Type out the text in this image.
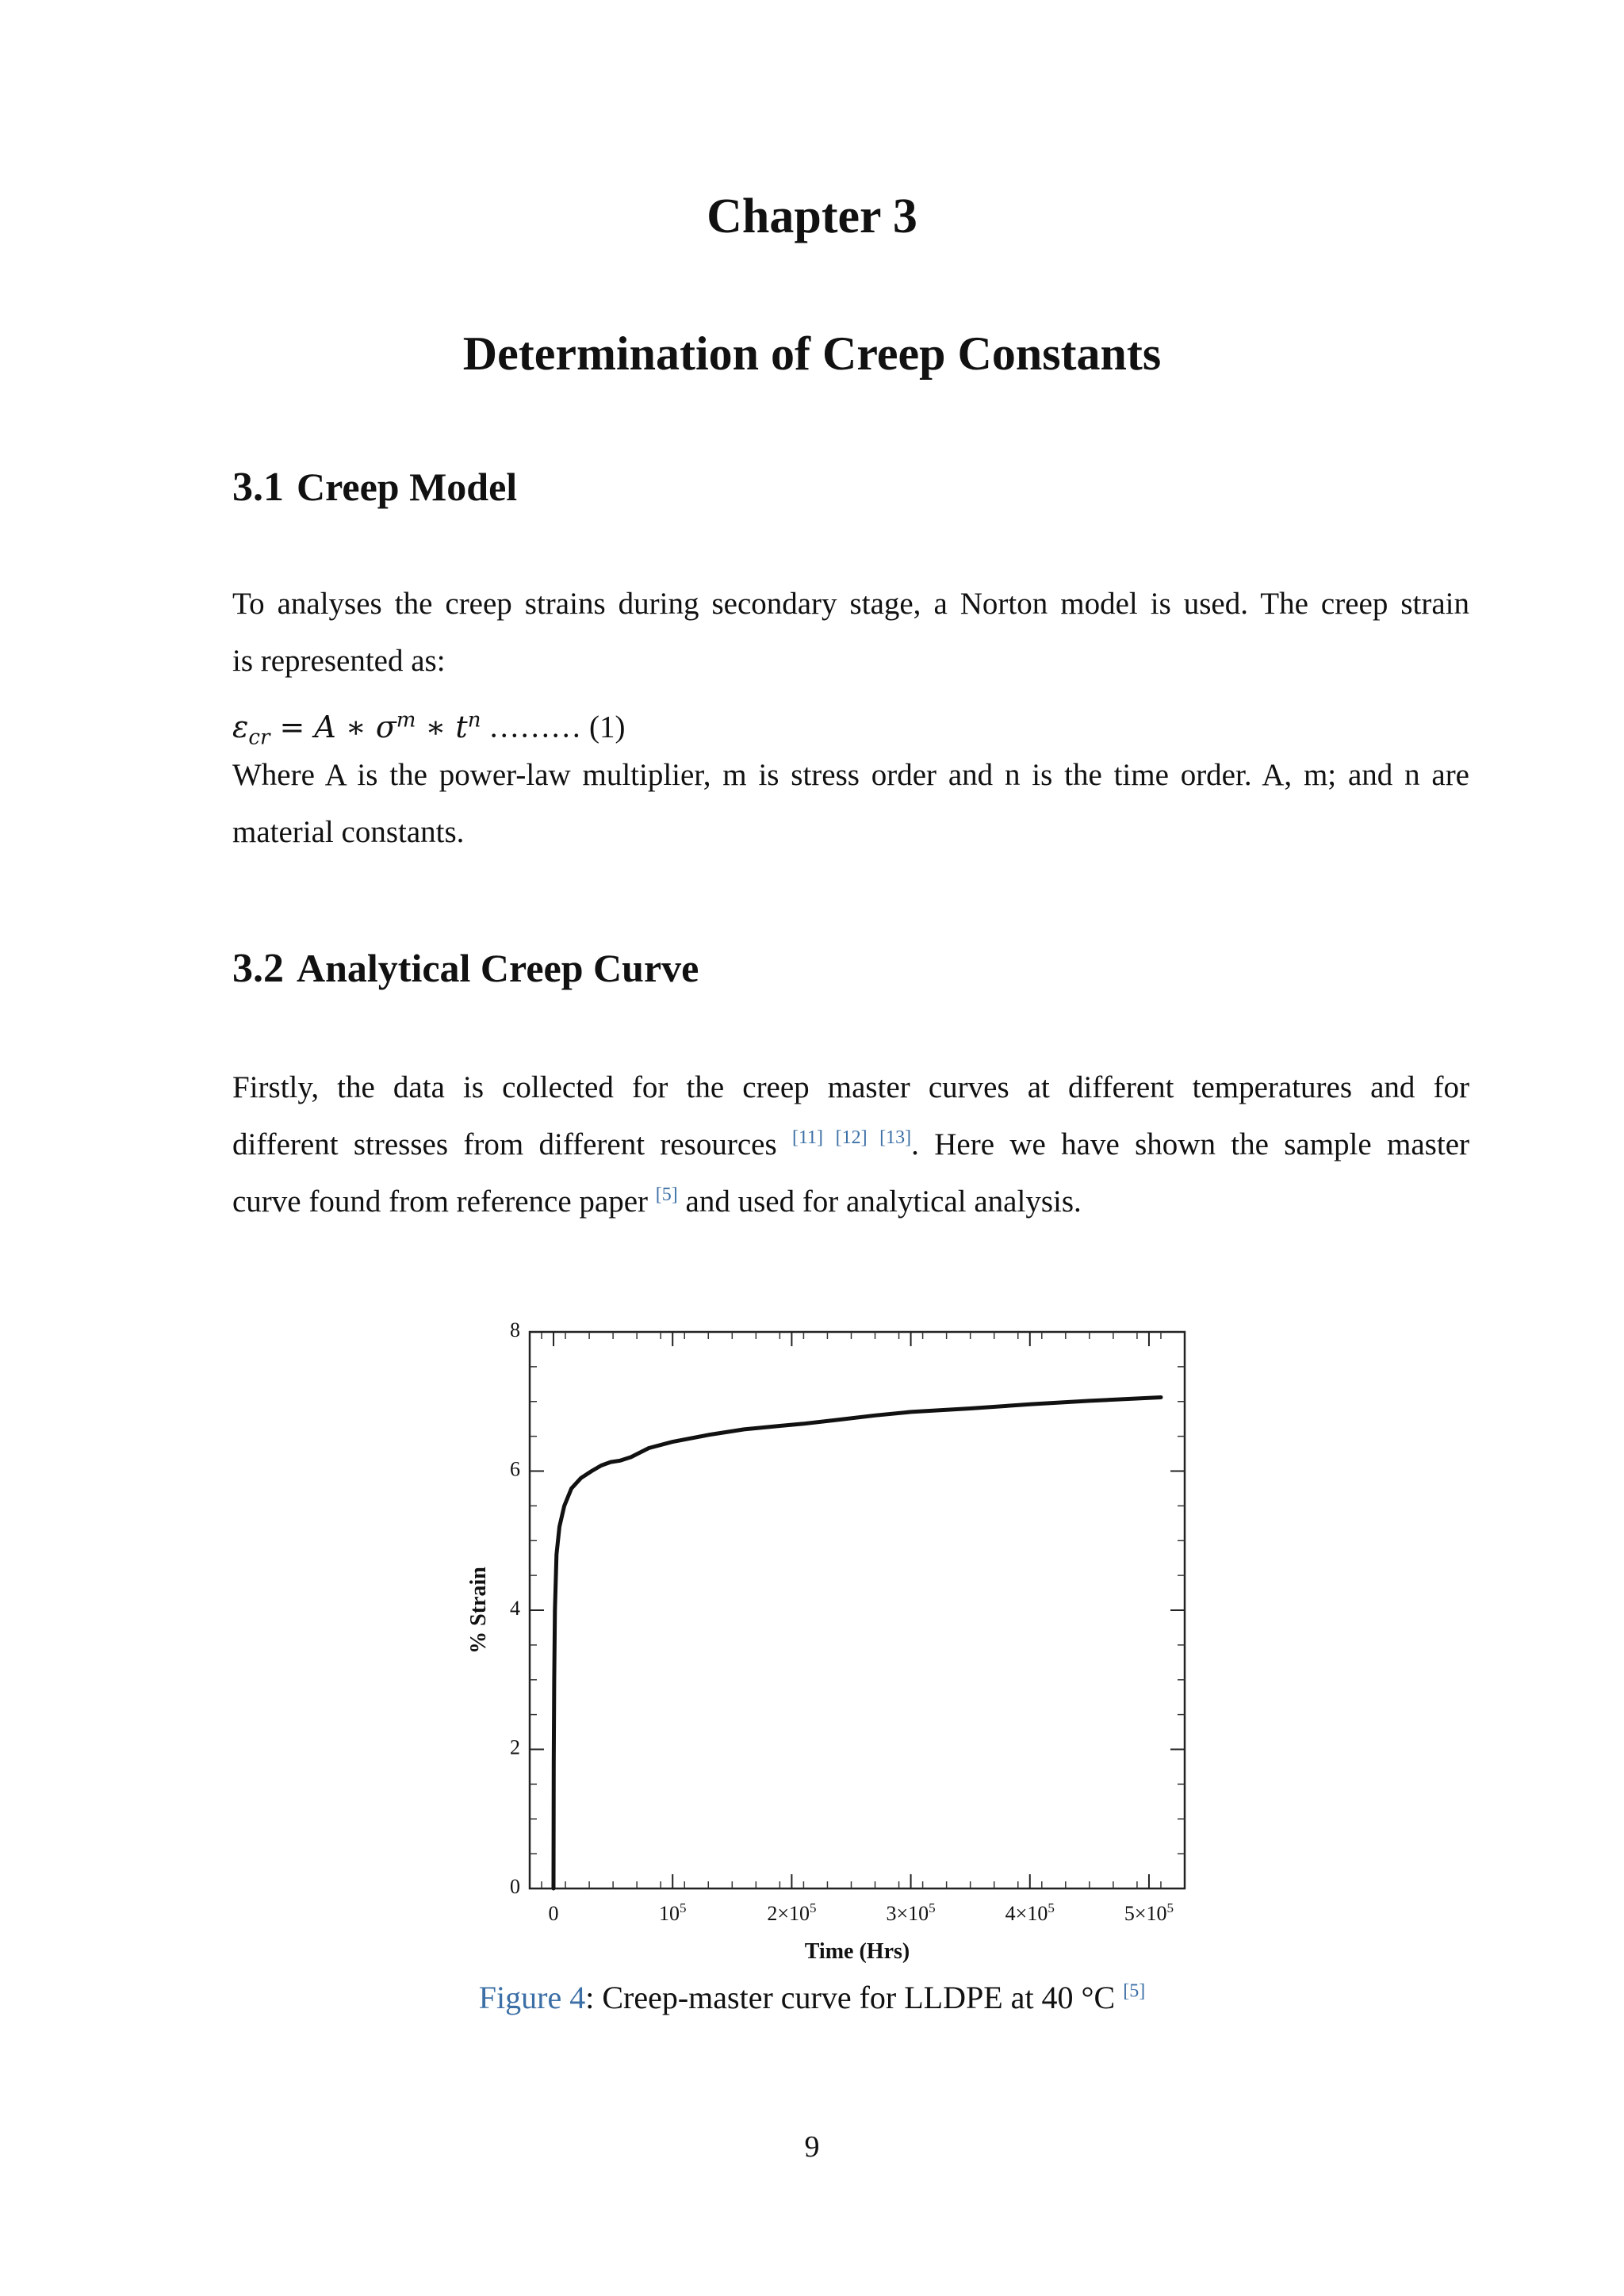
Chapter 3
Determination of Creep Constants
3.1 Creep Model

To analyses the creep strains during secondary stage, a Norton model is used. The creep strain
is represented as:

$\varepsilon_{cr} = A$ ∗ $\sigma^m$ ∗ $t^n$ ……… (1)

Where A is the power-law multiplier, m is stress order and n is the time order. A, m; and n are
material constants.

3.2 Analytical Creep Curve

Firstly, the data is collected for the creep master curves at different temperatures and for
different stresses from different resources [11] [12] [13]. Here we have shown the sample master
curve found from reference paper [5] and used for analytical analysis.

0	$10^5$	$2\times 10^5$	$3\times 10^5$	$4\times 10^5$	$5\times 10^5$
0
2
4
6
8
Time (Hrs)
% Strain

Figure 4: Creep-master curve for LLDPE at 40 °C [5]

9
